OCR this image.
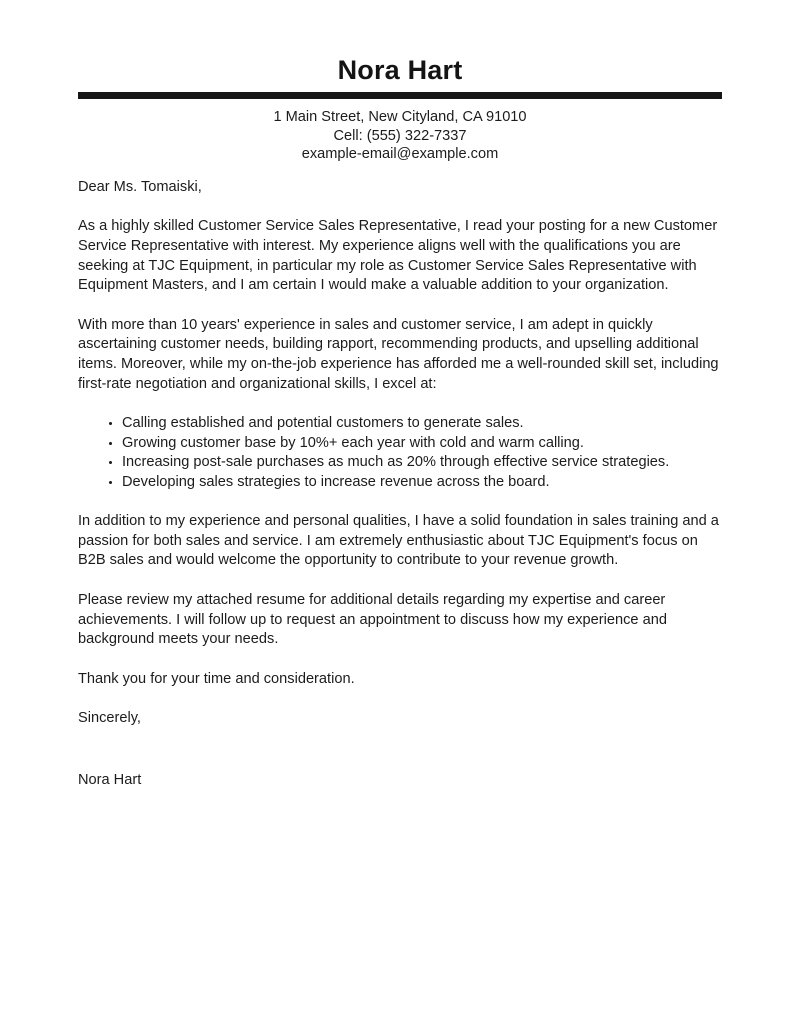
Nora Hart
1 Main Street, New Cityland, CA 91010
Cell: (555) 322-7337
example-email@example.com

Dear Ms. Tomaiski,

As a highly skilled Customer Service Sales Representative, I read your posting for a new Customer Service Representative with interest. My experience aligns well with the qualifications you are seeking at TJC Equipment, in particular my role as Customer Service Sales Representative with Equipment Masters, and I am certain I would make a valuable addition to your organization.

With more than 10 years' experience in sales and customer service, I am adept in quickly ascertaining customer needs, building rapport, recommending products, and upselling additional items. Moreover, while my on-the-job experience has afforded me a well-rounded skill set, including first-rate negotiation and organizational skills, I excel at:

• Calling established and potential customers to generate sales.
• Growing customer base by 10%+ each year with cold and warm calling.
• Increasing post-sale purchases as much as 20% through effective service strategies.
• Developing sales strategies to increase revenue across the board.

In addition to my experience and personal qualities, I have a solid foundation in sales training and a passion for both sales and service. I am extremely enthusiastic about TJC Equipment's focus on B2B sales and would welcome the opportunity to contribute to your revenue growth.

Please review my attached resume for additional details regarding my expertise and career achievements. I will follow up to request an appointment to discuss how my experience and background meets your needs.

Thank you for your time and consideration.

Sincerely,

Nora Hart
